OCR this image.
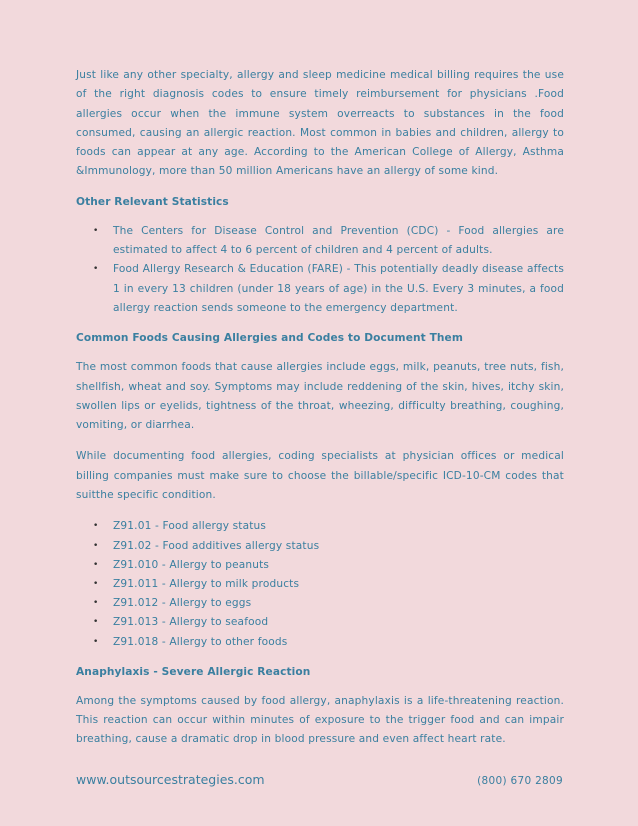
Just like any other specialty, allergy and sleep medicine medical billing requires the use of the right diagnosis codes to ensure timely reimbursement for physicians .Food allergies occur when the immune system overreacts to substances in the food consumed, causing an allergic reaction. Most common in babies and children, allergy to foods can appear at any age. According to the American College of Allergy, Asthma &Immunology, more than 50 million Americans have an allergy of some kind.

Other Relevant Statistics
• The Centers for Disease Control and Prevention (CDC) - Food allergies are estimated to affect 4 to 6 percent of children and 4 percent of adults.
• Food Allergy Research & Education (FARE) - This potentially deadly disease affects 1 in every 13 children (under 18 years of age) in the U.S. Every 3 minutes, a food allergy reaction sends someone to the emergency department.
Common Foods Causing Allergies and Codes to Document Them

The most common foods that cause allergies include eggs, milk, peanuts, tree nuts, fish, shellfish, wheat and soy. Symptoms may include reddening of the skin, hives, itchy skin, swollen lips or eyelids, tightness of the throat, wheezing, difficulty breathing, coughing, vomiting, or diarrhea.

While documenting food allergies, coding specialists at physician offices or medical billing companies must make sure to choose the billable/specific ICD-10-CM codes that suitthe specific condition.

• Z91.01 - Food allergy status
• Z91.02 - Food additives allergy status
• Z91.010 - Allergy to peanuts
• Z91.011 - Allergy to milk products
• Z91.012 - Allergy to eggs
• Z91.013 - Allergy to seafood
• Z91.018 - Allergy to other foods
Anaphylaxis - Severe Allergic Reaction

Among the symptoms caused by food allergy, anaphylaxis is a life-threatening reaction. This reaction can occur within minutes of exposure to the trigger food and can impair breathing, cause a dramatic drop in blood pressure and even affect heart rate.

www.outsourcestrategies.com	(800) 670 2809
